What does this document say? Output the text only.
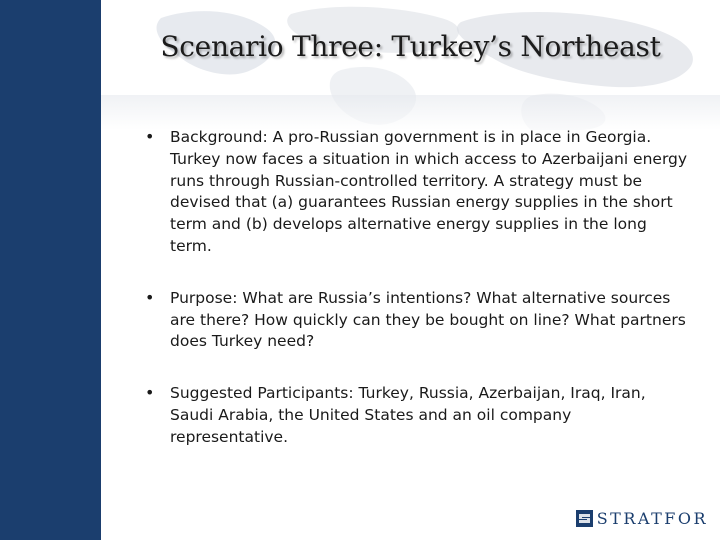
Scenario Three: Turkey’s Northeast
• Background: A pro-Russian government is in place in Georgia. Turkey now faces a situation in which access to Azerbaijani energy runs through Russian-controlled territory. A strategy must be devised that (a) guarantees Russian energy supplies in the short term and (b) develops alternative energy supplies in the long term.
• Purpose: What are Russia’s intentions? What alternative sources are there? How quickly can they be bought on line? What partners does Turkey need?
• Suggested Participants: Turkey, Russia, Azerbaijan, Iraq, Iran, Saudi Arabia, the United States and an oil company representative.
STRATFOR
